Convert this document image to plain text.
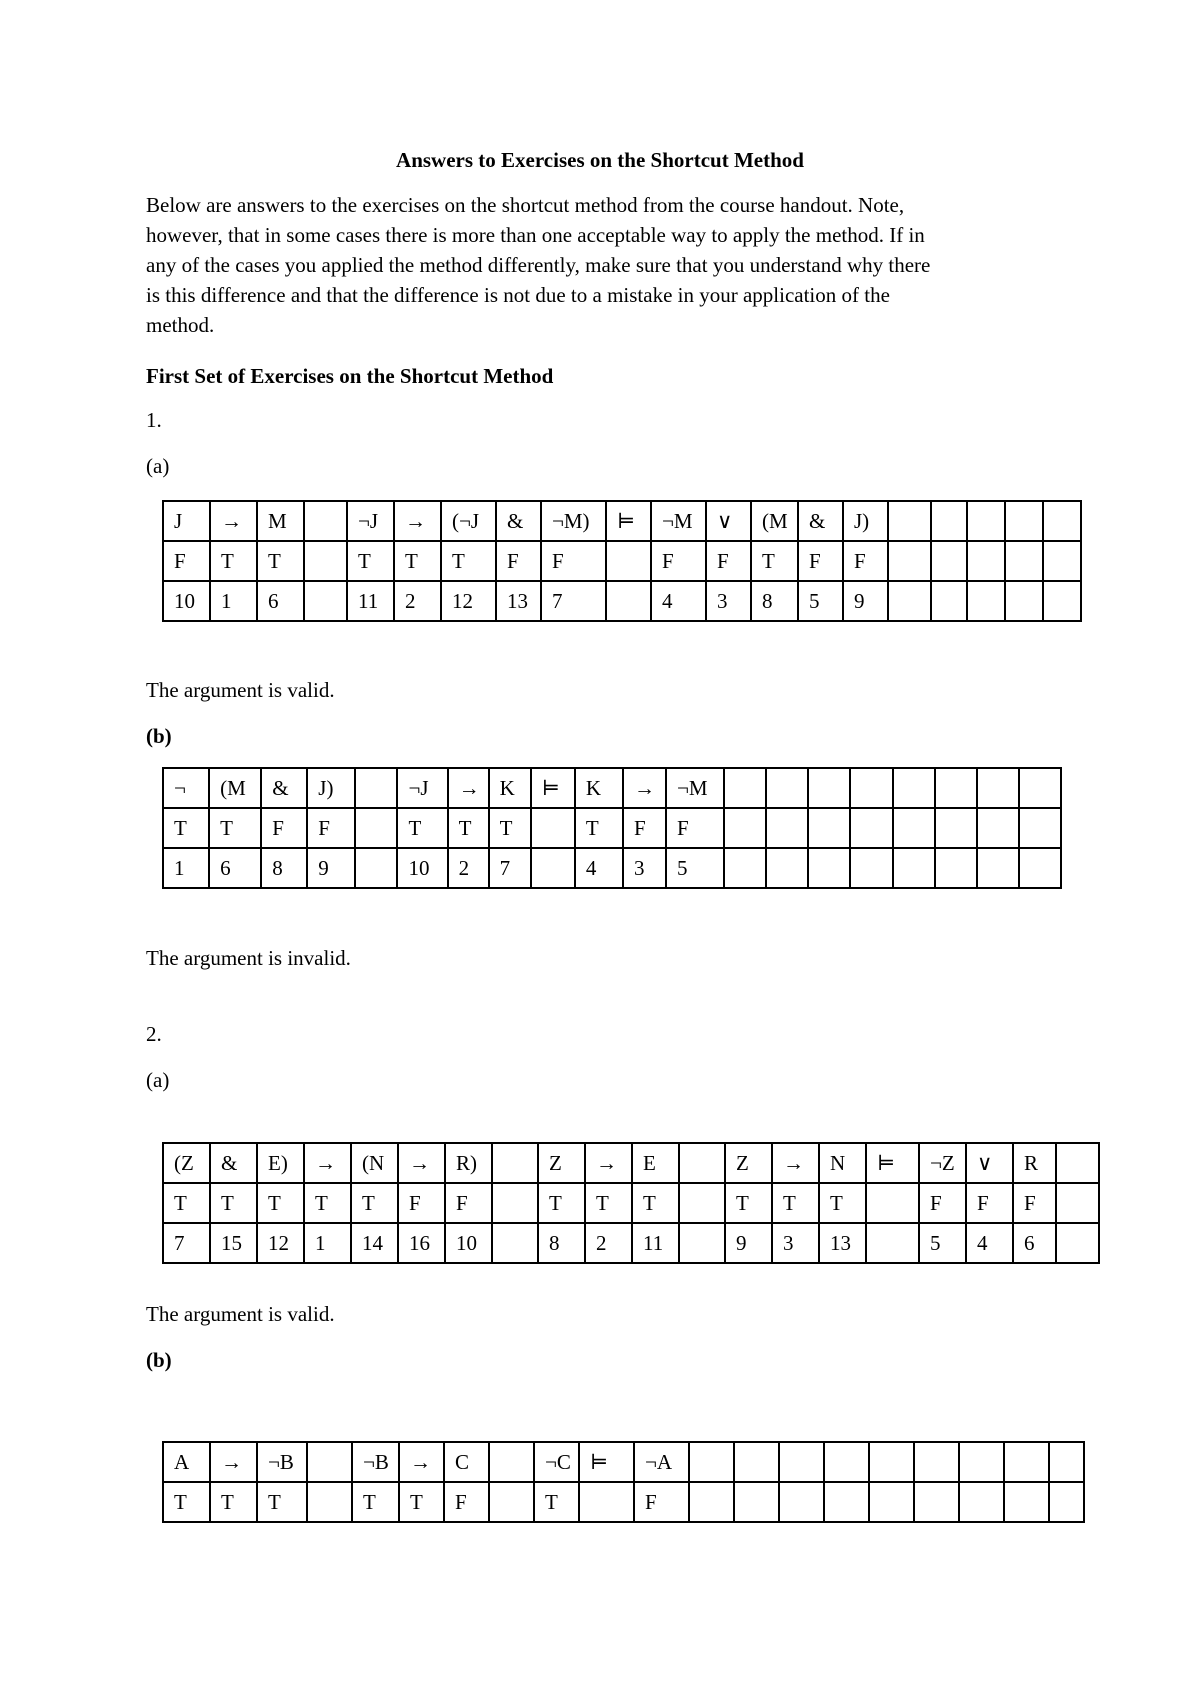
Answers to Exercises on the Shortcut Method
Below are answers to the exercises on the shortcut method from the course handout. Note,
however, that in some cases there is more than one acceptable way to apply the method. If in
any of the cases you applied the method differently, make sure that you understand why there
is this difference and that the difference is not due to a mistake in your application of the
method.
First Set of Exercises on the Shortcut Method
1.
(a)
J	→	M		¬J	→	(¬J	&	¬M)	⊨	¬M	∨	(M	&	J)					
F	T	T		T	T	T	F	F		F	F	T	F	F					
10	1	6		11	2	12	13	7		4	3	8	5	9					
The argument is valid.
(b)
¬	(M	&	J)		¬J	→	K	⊨	K	→	¬M								
T	T	F	F		T	T	T		T	F	F								
1	6	8	9		10	2	7		4	3	5								
The argument is invalid.
2.
(a)
(Z	&	E)	→	(N	→	R)		Z	→	E		Z	→	N	⊨	¬Z	∨	R	
T	T	T	T	T	F	F		T	T	T		T	T	T		F	F	F	
7	15	12	1	14	16	10		8	2	11		9	3	13		5	4	6	
The argument is valid.
(b)
A	→	¬B		¬B	→	C		¬C	⊨	¬A									
T	T	T		T	T	F		T		F									
